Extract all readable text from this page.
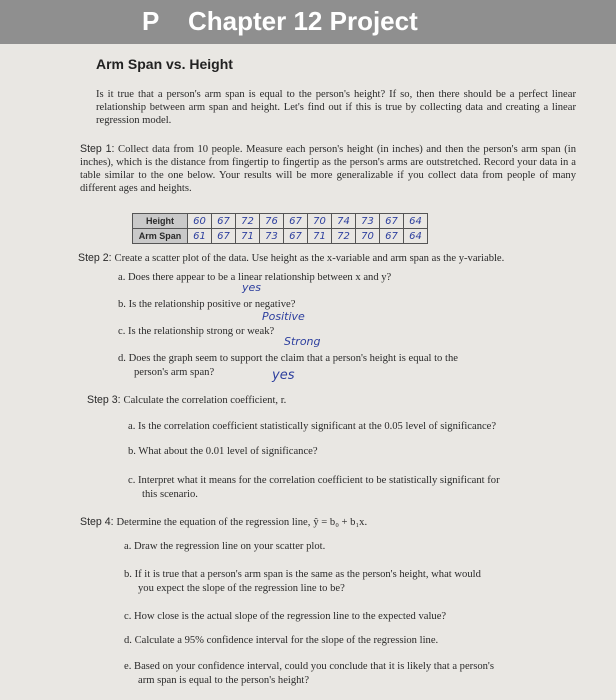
P Chapter 12 Project
Arm Span vs. Height
Is it true that a person's arm span is equal to the person's height? If so, then there should be a perfect linear relationship between arm span and height. Let's find out if this is true by collecting data and creating a linear regression model.
Step 1: Collect data from 10 people. Measure each person's height (in inches) and then the person's arm span (in inches), which is the distance from fingertip to fingertip as the person's arms are outstretched. Record your data in a table similar to the one below. Your results will be more generalizable if you collect data from people of many different ages and heights.
Height	60	67	72	76	67	70	74	73	67	64
Arm Span	61	67	71	73	67	71	72	70	67	64
Step 2: Create a scatter plot of the data. Use height as the x-variable and arm span as the y-variable.
a. Does there appear to be a linear relationship between x and y?
yes
b. Is the relationship positive or negative?
Positive
c. Is the relationship strong or weak?
Strong
d. Does the graph seem to support the claim that a person's height is equal to the
person's arm span?	yes
Step 3: Calculate the correlation coefficient, r.
a. Is the correlation coefficient statistically significant at the 0.05 level of significance?
b. What about the 0.01 level of significance?
c. Interpret what it means for the correlation coefficient to be statistically significant for
this scenario.
Step 4: Determine the equation of the regression line, ŷ = b₀ + b₁x.
a. Draw the regression line on your scatter plot.
b. If it is true that a person's arm span is the same as the person's height, what would
you expect the slope of the regression line to be?
c. How close is the actual slope of the regression line to the expected value?
d. Calculate a 95% confidence interval for the slope of the regression line.
e. Based on your confidence interval, could you conclude that it is likely that a person's
arm span is equal to the person's height?
